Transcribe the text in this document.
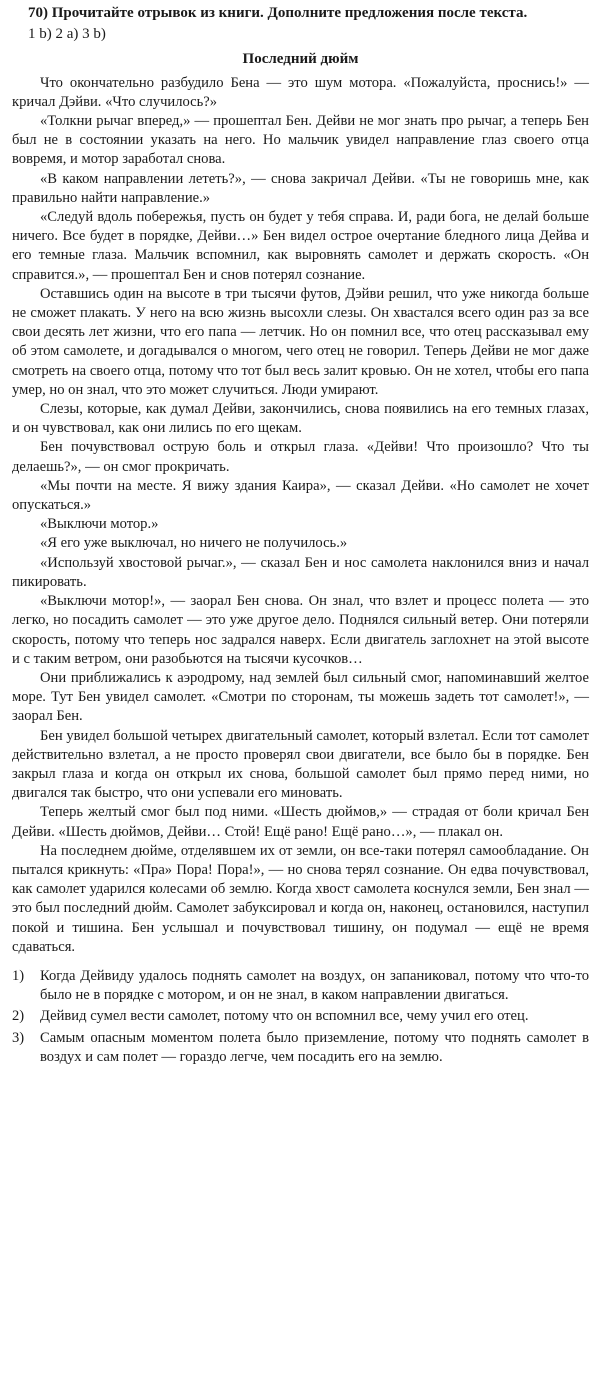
70) Прочитайте отрывок из книги. Дополните предложения после текста.

1 b) 2 a) 3 b)

Последний дюйм

Что окончательно разбудило Бена — это шум мотора. «Пожалуйста, проснись!» — кричал Дэйви. «Что случилось?»

«Толкни рычаг вперед,» — прошептал Бен. Дейви не мог знать про рычаг, а теперь Бен был не в состоянии указать на него. Но мальчик увидел направление глаз своего отца вовремя, и мотор заработал снова.

«В каком направлении лететь?», — снова закричал Дейви. «Ты не говоришь мне, как правильно найти направление.»

«Следуй вдоль побережья, пусть он будет у тебя справа. И, ради бога, не делай больше ничего. Все будет в порядке, Дейви…» Бен видел острое очертание бледного лица Дейва и его темные глаза. Мальчик вспомнил, как выровнять самолет и держать скорость. «Он справится.», — прошептал Бен и снов потерял сознание.

Оставшись один на высоте в три тысячи футов, Дэйви решил, что уже никогда больше не сможет плакать. У него на всю жизнь высохли слезы. Он хвастался всего один раз за все свои десять лет жизни, что его папа — летчик. Но он помнил все, что отец рассказывал ему об этом самолете, и догадывался о многом, чего отец не говорил. Теперь Дейви не мог даже смотреть на своего отца, потому что тот был весь залит кровью. Он не хотел, чтобы его папа умер, но он знал, что это может случиться. Люди умирают.

Слезы, которые, как думал Дейви, закончились, снова появились на его темных глазах, и он чувствовал, как они лились по его щекам.

Бен почувствовал острую боль и открыл глаза. «Дейви! Что произошло? Что ты делаешь?», — он смог прокричать.

«Мы почти на месте. Я вижу здания Каира», — сказал Дейви. «Но самолет не хочет опускаться.»

«Выключи мотор.»

«Я его уже выключал, но ничего не получилось.»

«Используй хвостовой рычаг.», — сказал Бен и нос самолета наклонился вниз и начал пикировать.

«Выключи мотор!», — заорал Бен снова. Он знал, что взлет и процесс полета — это легко, но посадить самолет — это уже другое дело. Поднялся сильный ветер. Они потеряли скорость, потому что теперь нос задрался наверх. Если двигатель заглохнет на этой высоте и с таким ветром, они разобьются на тысячи кусочков…

Они приближались к аэродрому, над землей был сильный смог, напоминавший желтое море. Тут Бен увидел самолет. «Смотри по сторонам, ты можешь задеть тот самолет!», — заорал Бен.

Бен увидел большой четырех двигательный самолет, который взлетал. Если тот самолет действительно взлетал, а не просто проверял свои двигатели, все было бы в порядке. Бен закрыл глаза и когда он открыл их снова, большой самолет был прямо перед ними, но двигался так быстро, что они успевали его миновать.

Теперь желтый смог был под ними. «Шесть дюймов,» — страдая от боли кричал Бен Дейви. «Шесть дюймов, Дейви… Стой! Ещё рано! Ещё рано…», — плакал он.

На последнем дюйме, отделявшем их от земли, он все-таки потерял самообладание. Он пытался крикнуть: «Пра» Пора! Пора!», — но снова терял сознание. Он едва почувствовал, как самолет ударился колесами об землю. Когда хвост самолета коснулся земли, Бен знал — это был последний дюйм. Самолет забуксировал и когда он, наконец, остановился, наступил покой и тишина. Бен услышал и почувствовал тишину, он подумал — ещё не время сдаваться.

1)	Когда Дейвиду удалось поднять самолет на воздух, он запаниковал, потому что что-то было не в порядке с мотором, и он не знал, в каком направлении двигаться.
2)	Дейвид сумел вести самолет, потому что он вспомнил все, чему учил его отец.
3)	Самым опасным моментом полета было приземление, потому что поднять самолет в воздух и сам полет — гораздо легче, чем посадить его на землю.
